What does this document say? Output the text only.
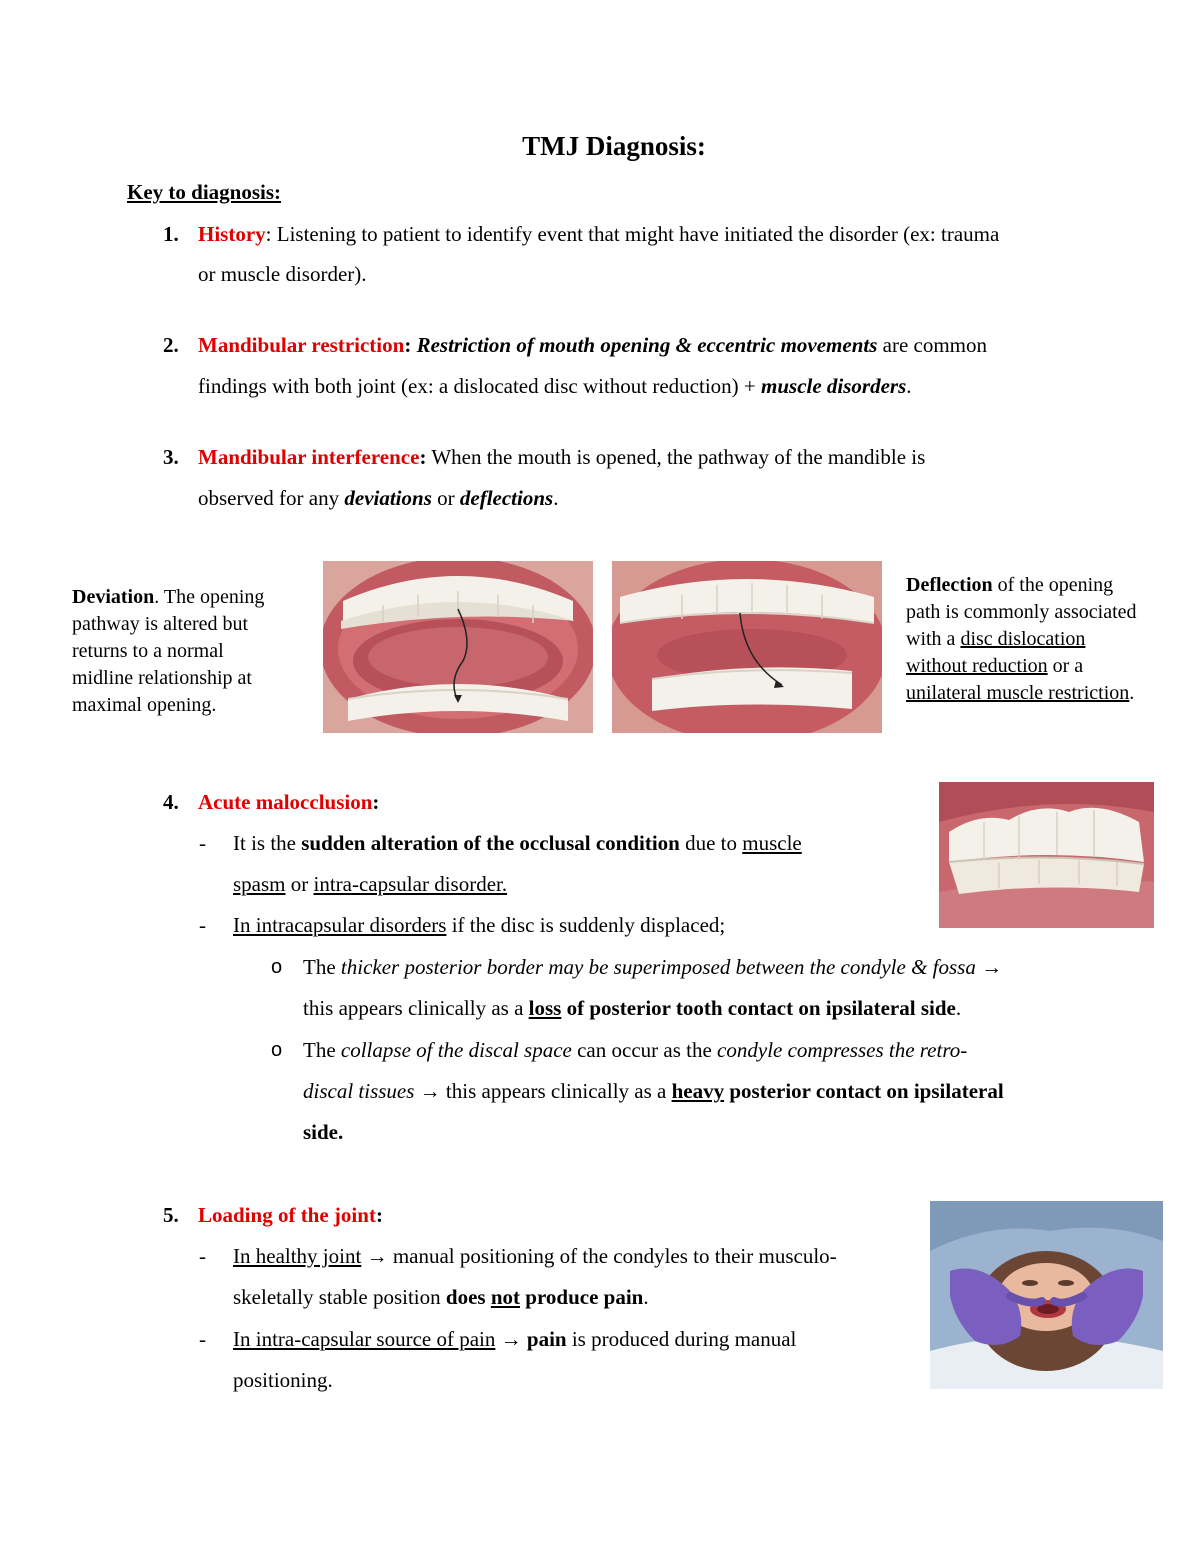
TMJ Diagnosis:
Key to diagnosis:
1. History: Listening to patient to identify event that might have initiated the disorder (ex: trauma
or muscle disorder).
2. Mandibular restriction: Restriction of mouth opening & eccentric movements are common
findings with both joint (ex: a dislocated disc without reduction) + muscle disorders.
3. Mandibular interference: When the mouth is opened, the pathway of the mandible is
observed for any deviations or deflections.
Deviation. The opening
pathway is altered but
returns to a normal
midline relationship at
maximal opening.
Deflection of the opening
path is commonly associated
with a disc dislocation
without reduction or a
unilateral muscle restriction.
4. Acute malocclusion:
- It is the sudden alteration of the occlusal condition due to muscle
spasm or intra-capsular disorder.
- In intracapsular disorders if the disc is suddenly displaced;
o The thicker posterior border may be superimposed between the condyle & fossa →
this appears clinically as a loss of posterior tooth contact on ipsilateral side.
o The collapse of the discal space can occur as the condyle compresses the retro-
discal tissues → this appears clinically as a heavy posterior contact on ipsilateral
side.
5. Loading of the joint:
- In healthy joint → manual positioning of the condyles to their musculo-
skeletally stable position does not produce pain.
- In intra-capsular source of pain → pain is produced during manual
positioning.
